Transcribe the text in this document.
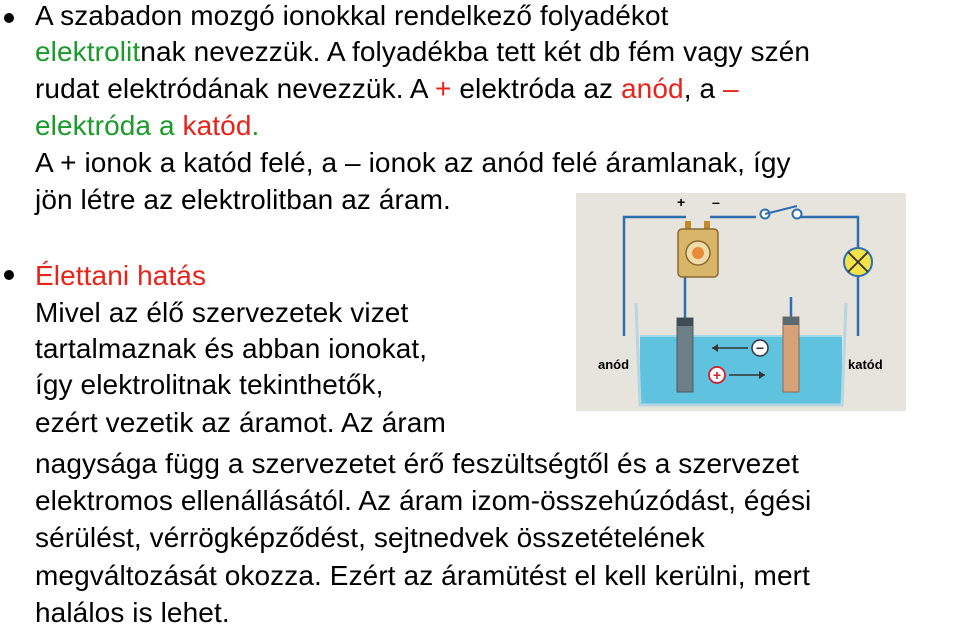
A szabadon mozgó ionokkal rendelkező folyadékot
elektrolitnak nevezzük. A folyadékba tett két db fém vagy szén
rudat elektródának nevezzük. A + elektróda az anód, a –
elektróda a katód.
A + ionok a katód felé, a – ionok az anód felé áramlanak, így
jön létre az elektrolitban az áram.
Élettani hatás
Mivel az élő szervezetek vizet
tartalmaznak és abban ionokat,
így elektrolitnak tekinthetők,
ezért vezetik az áramot. Az áram
nagysága függ a szervezetet érő feszültségtől és a szervezet
elektromos ellenállásától. Az áram izom-összehúzódást, égési
sérülést, vérrögképződést, sejtnedvek összetételének
megváltozását okozza. Ezért az áramütést el kell kerülni, mert
halálos is lehet.
+ –
−
+
anód	katód
